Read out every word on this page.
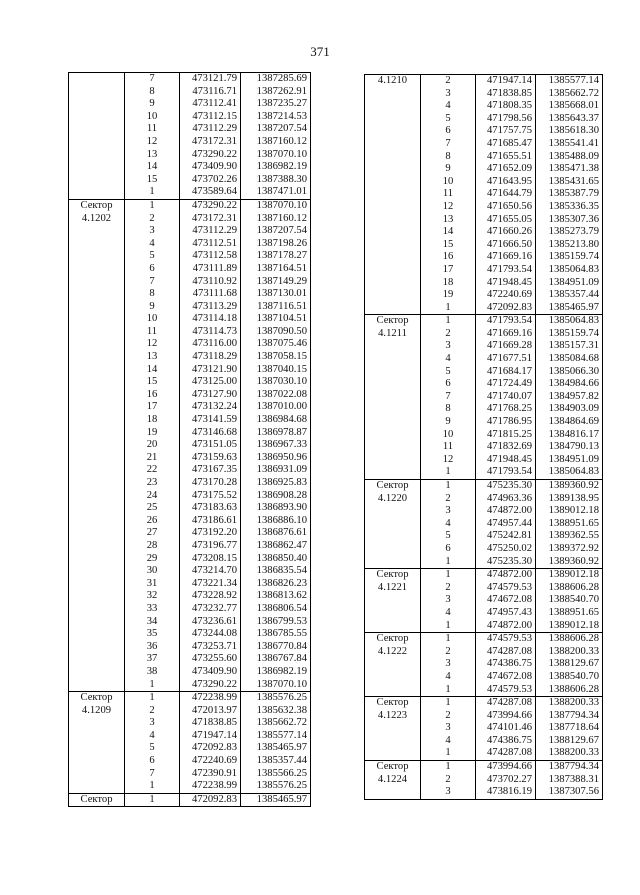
371
	7	473121.79	1387285.69
	8	473116.71	1387262.91
	9	473112.41	1387235.27
	10	473112.15	1387214.53
	11	473112.29	1387207.54
	12	473172.31	1387160.12
	13	473290.22	1387070.10
	14	473409.90	1386982.19
	15	473702.26	1387388.30
	1	473589.64	1387471.01
Сектор	1	473290.22	1387070.10
4.1202	2	473172.31	1387160.12
	3	473112.29	1387207.54
	4	473112.51	1387198.26
	5	473112.58	1387178.27
	6	473111.89	1387164.51
	7	473110.92	1387149.29
	8	473111.68	1387130.01
	9	473113.29	1387116.51
	10	473114.18	1387104.51
	11	473114.73	1387090.50
	12	473116.00	1387075.46
	13	473118.29	1387058.15
	14	473121.90	1387040.15
	15	473125.00	1387030.10
	16	473127.90	1387022.08
	17	473132.24	1387010.00
	18	473141.59	1386984.68
	19	473146.68	1386978.87
	20	473151.05	1386967.33
	21	473159.63	1386950.96
	22	473167.35	1386931.09
	23	473170.28	1386925.83
	24	473175.52	1386908.28
	25	473183.63	1386893.90
	26	473186.61	1386886.10
	27	473192.20	1386876.61
	28	473196.77	1386862.47
	29	473208.15	1386850.40
	30	473214.70	1386835.54
	31	473221.34	1386826.23
	32	473228.92	1386813.62
	33	473232.77	1386806.54
	34	473236.61	1386799.53
	35	473244.08	1386785.55
	36	473253.71	1386770.84
	37	473255.60	1386767.84
	38	473409.90	1386982.19
	1	473290.22	1387070.10
Сектор	1	472238.99	1385576.25
4.1209	2	472013.97	1385632.38
	3	471838.85	1385662.72
	4	471947.14	1385577.14
	5	472092.83	1385465.97
	6	472240.69	1385357.44
	7	472390.91	1385566.25
	1	472238.99	1385576.25
Сектор	1	472092.83	1385465.97
4.1210	2	471947.14	1385577.14
	3	471838.85	1385662.72
	4	471808.35	1385668.01
	5	471798.56	1385643.37
	6	471757.75	1385618.30
	7	471685.47	1385541.41
	8	471655.51	1385488.09
	9	471652.09	1385471.38
	10	471643.95	1385431.65
	11	471644.79	1385387.79
	12	471650.56	1385336.35
	13	471655.05	1385307.36
	14	471660.26	1385273.79
	15	471666.50	1385213.80
	16	471669.16	1385159.74
	17	471793.54	1385064.83
	18	471948.45	1384951.09
	19	472240.69	1385357.44
	1	472092.83	1385465.97
Сектор	1	471793.54	1385064.83
4.1211	2	471669.16	1385159.74
	3	471669.28	1385157.31
	4	471677.51	1385084.68
	5	471684.17	1385066.30
	6	471724.49	1384984.66
	7	471740.07	1384957.82
	8	471768.25	1384903.09
	9	471786.95	1384864.69
	10	471815.25	1384816.17
	11	471832.69	1384790.13
	12	471948.45	1384951.09
	1	471793.54	1385064.83
Сектор	1	475235.30	1389360.92
4.1220	2	474963.36	1389138.95
	3	474872.00	1389012.18
	4	474957.44	1388951.65
	5	475242.81	1389362.55
	6	475250.02	1389372.92
	1	475235.30	1389360.92
Сектор	1	474872.00	1389012.18
4.1221	2	474579.53	1388606.28
	3	474672.08	1388540.70
	4	474957.43	1388951.65
	1	474872.00	1389012.18
Сектор	1	474579.53	1388606.28
4.1222	2	474287.08	1388200.33
	3	474386.75	1388129.67
	4	474672.08	1388540.70
	1	474579.53	1388606.28
Сектор	1	474287.08	1388200.33
4.1223	2	473994.66	1387794.34
	3	474101.46	1387718.64
	4	474386.75	1388129.67
	1	474287.08	1388200.33
Сектор	1	473994.66	1387794.34
4.1224	2	473702.27	1387388.31
	3	473816.19	1387307.56
